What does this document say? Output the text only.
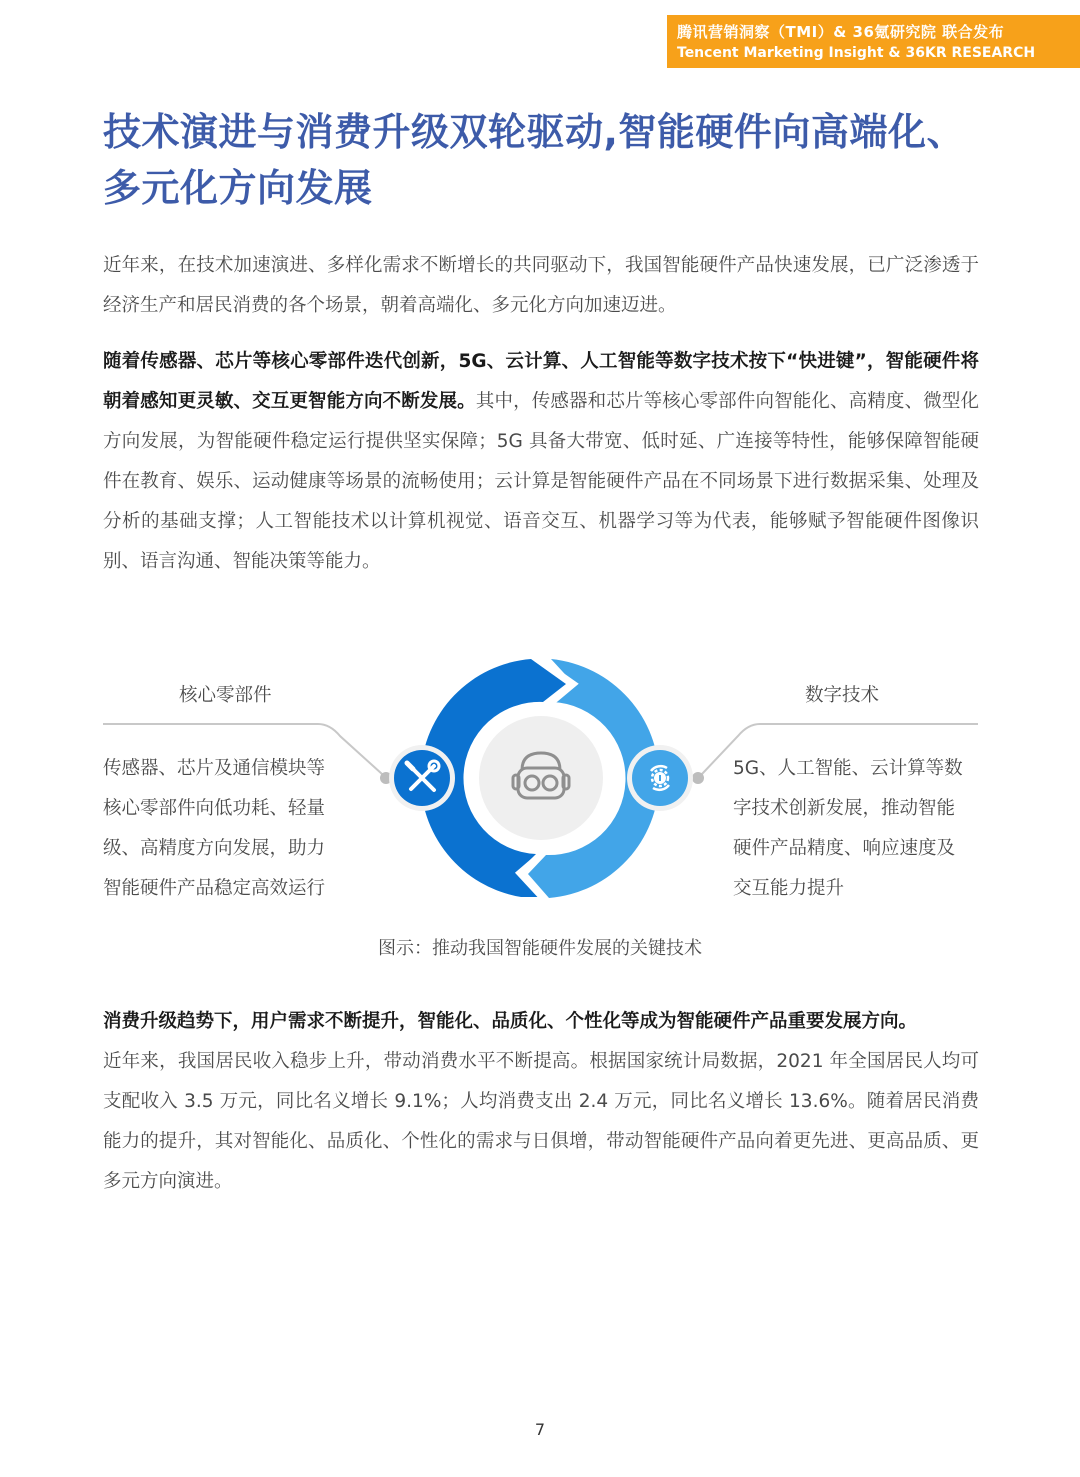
腾讯营销洞察（TMI）& 36氪研究院 联合发布
Tencent Marketing Insight & 36KR RESEARCH
技术演进与消费升级双轮驱动,智能硬件向高端化、
多元化方向发展
近年来，在技术加速演进、多样化需求不断增长的共同驱动下，我国智能硬件产品快速发展，已广泛渗透于经济生产和居民消费的各个场景，朝着高端化、多元化方向加速迈进。
随着传感器、芯片等核心零部件迭代创新，5G、云计算、人工智能等数字技术按下“快进键”，智能硬件将朝着感知更灵敏、交互更智能方向不断发展。其中，传感器和芯片等核心零部件向智能化、高精度、微型化方向发展，为智能硬件稳定运行提供坚实保障；5G 具备大带宽、低时延、广连接等特性，能够保障智能硬件在教育、娱乐、运动健康等场景的流畅使用；云计算是智能硬件产品在不同场景下进行数据采集、处理及分析的基础支撑；人工智能技术以计算机视觉、语音交互、机器学习等为代表，能够赋予智能硬件图像识别、语言沟通、智能决策等能力。
核心零部件	数字技术
传感器、芯片及通信模块等
核心零部件向低功耗、轻量
级、高精度方向发展，助力
智能硬件产品稳定高效运行
5G、人工智能、云计算等数
字技术创新发展，推动智能
硬件产品精度、响应速度及
交互能力提升
图示：推动我国智能硬件发展的关键技术
消费升级趋势下，用户需求不断提升，智能化、品质化、个性化等成为智能硬件产品重要发展方向。
近年来，我国居民收入稳步上升，带动消费水平不断提高。根据国家统计局数据，2021 年全国居民人均可支配收入 3.5 万元，同比名义增长 9.1%；人均消费支出 2.4 万元，同比名义增长 13.6%。随着居民消费能力的提升，其对智能化、品质化、个性化的需求与日俱增，带动智能硬件产品向着更先进、更高品质、更多元方向演进。
7
